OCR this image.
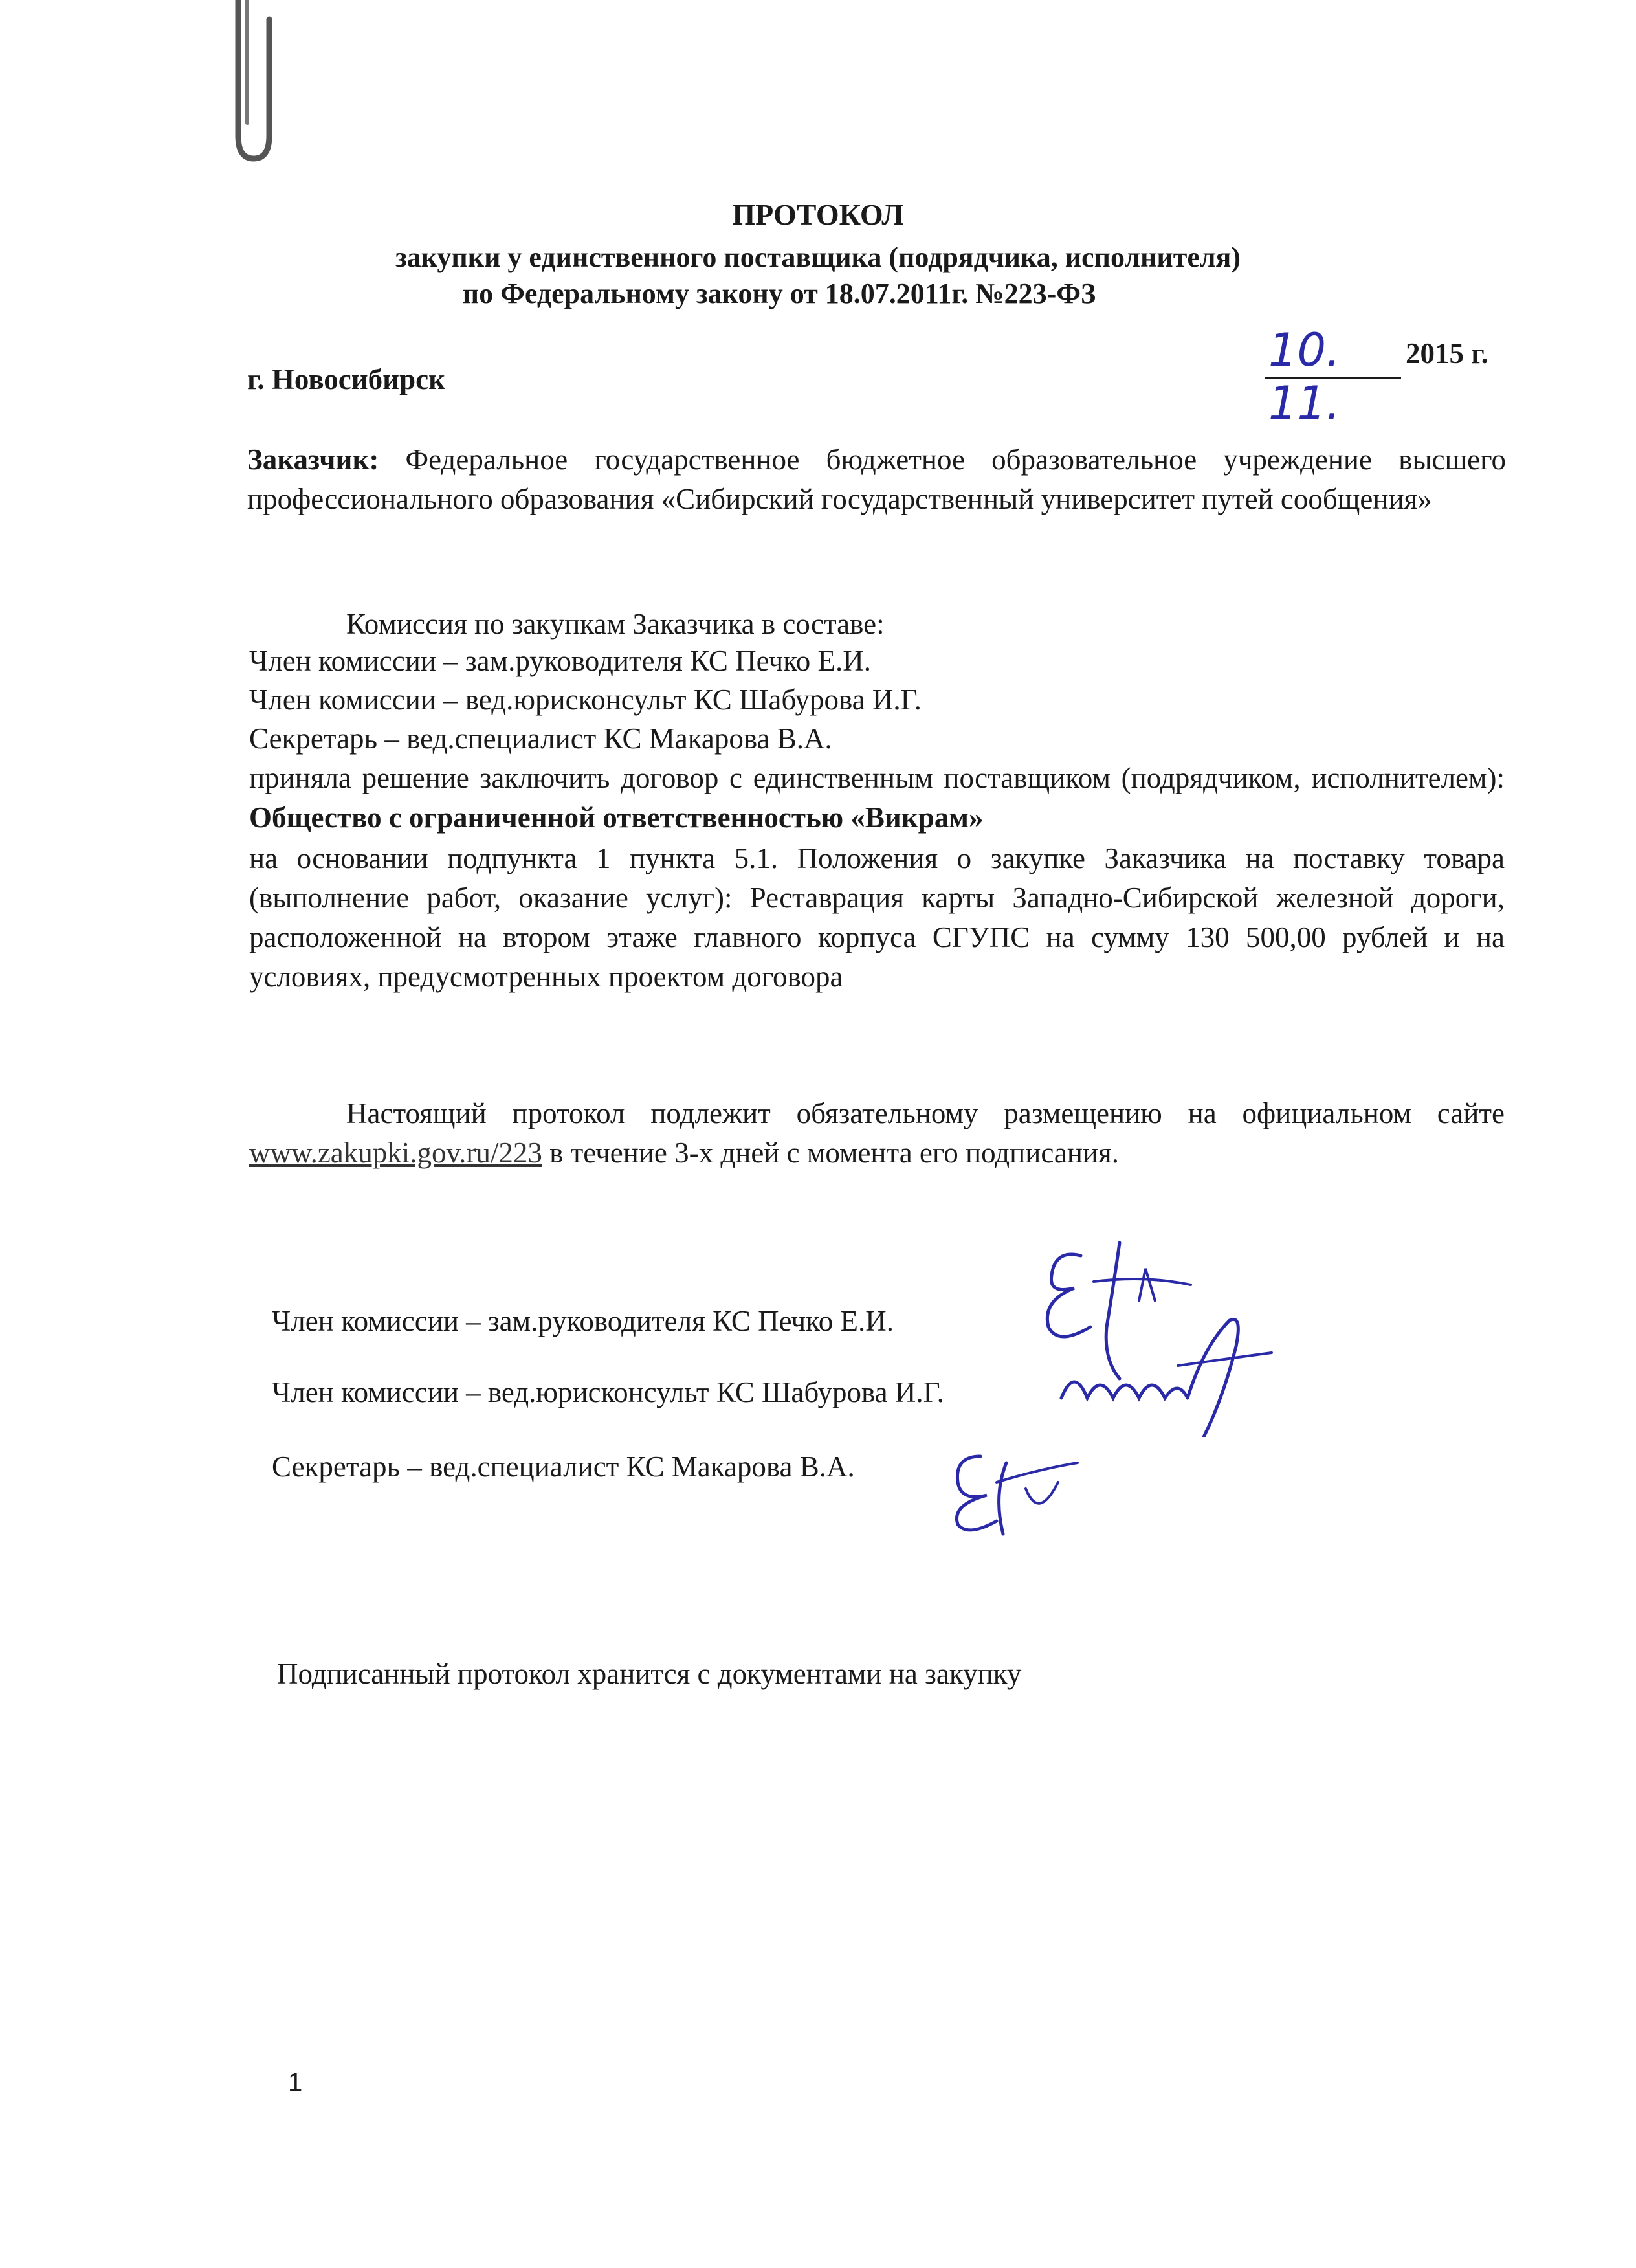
ПРОТОКОЛ
закупки у единственного поставщика (подрядчика, исполнителя)
по Федеральному закону от 18.07.2011г. №223-ФЗ
г. Новосибирск
10. 11.
2015 г.
Заказчик: Федеральное государственное бюджетное образовательное учреждение высшего профессионального образования «Сибирский государственный университет путей сообщения»
Комиссия по закупкам Заказчика в составе:
Член комиссии – зам.руководителя КС Печко Е.И.
Член комиссии – вед.юрисконсульт КС Шабурова И.Г.
Секретарь – вед.специалист КС Макарова В.А.
приняла решение заключить договор с единственным поставщиком (подрядчиком, исполнителем): Общество с ограниченной ответственностью «Викрам»
на основании подпункта 1 пункта 5.1. Положения о закупке Заказчика на поставку товара (выполнение работ, оказание услуг): Реставрация карты Западно-Сибирской железной дороги, расположенной на втором этаже главного корпуса СГУПС на сумму 130 500,00 рублей и на условиях, предусмотренных проектом договора
Настоящий протокол подлежит обязательному размещению на официальном сайте www.zakupki.gov.ru/223 в течение 3-х дней с момента его подписания.
Член комиссии – зам.руководителя КС Печко Е.И.
Член комиссии – вед.юрисконсульт КС Шабурова И.Г.
Секретарь – вед.специалист КС Макарова В.А.
Подписанный протокол хранится с документами на закупку
1
